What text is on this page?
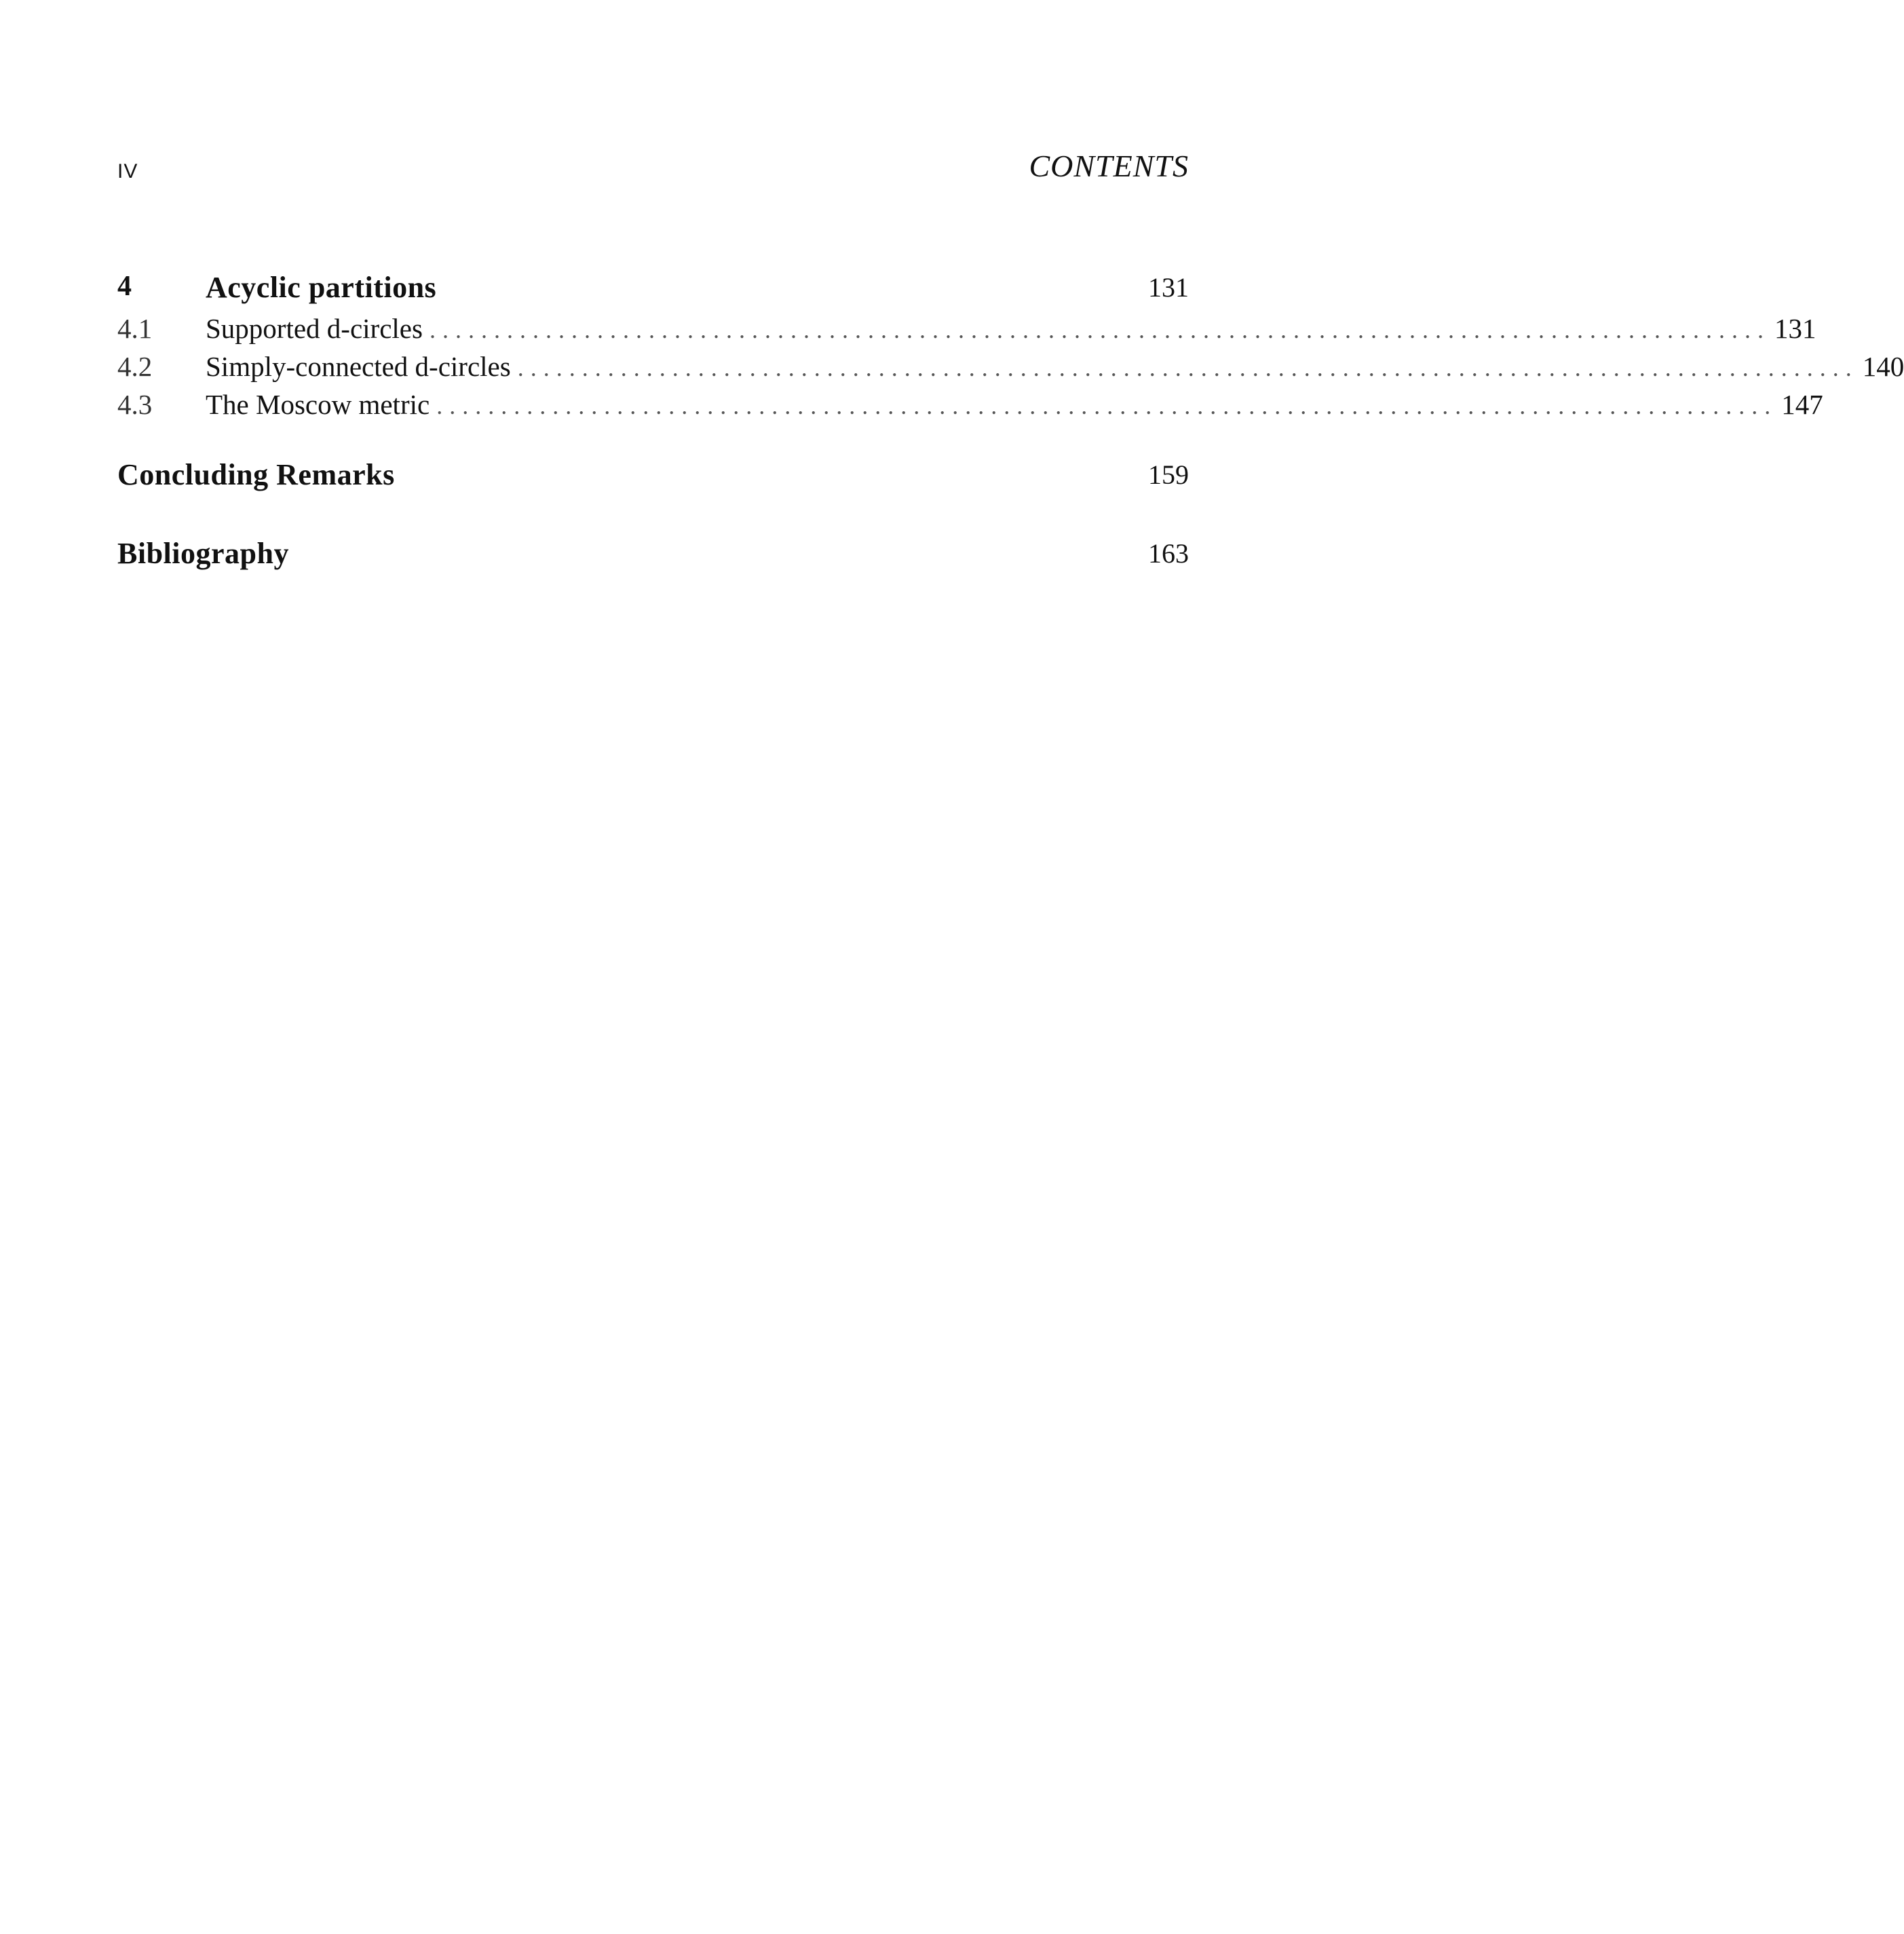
IV	CONTENTS
4 Acyclic partitions	131
4.1	Supported d-circles ........................................................................................................ 131
4.2	Simply-connected d-circles ........................................................................................................ 140
4.3	The Moscow metric ........................................................................................................ 147
Concluding Remarks	159
Bibliography	163
